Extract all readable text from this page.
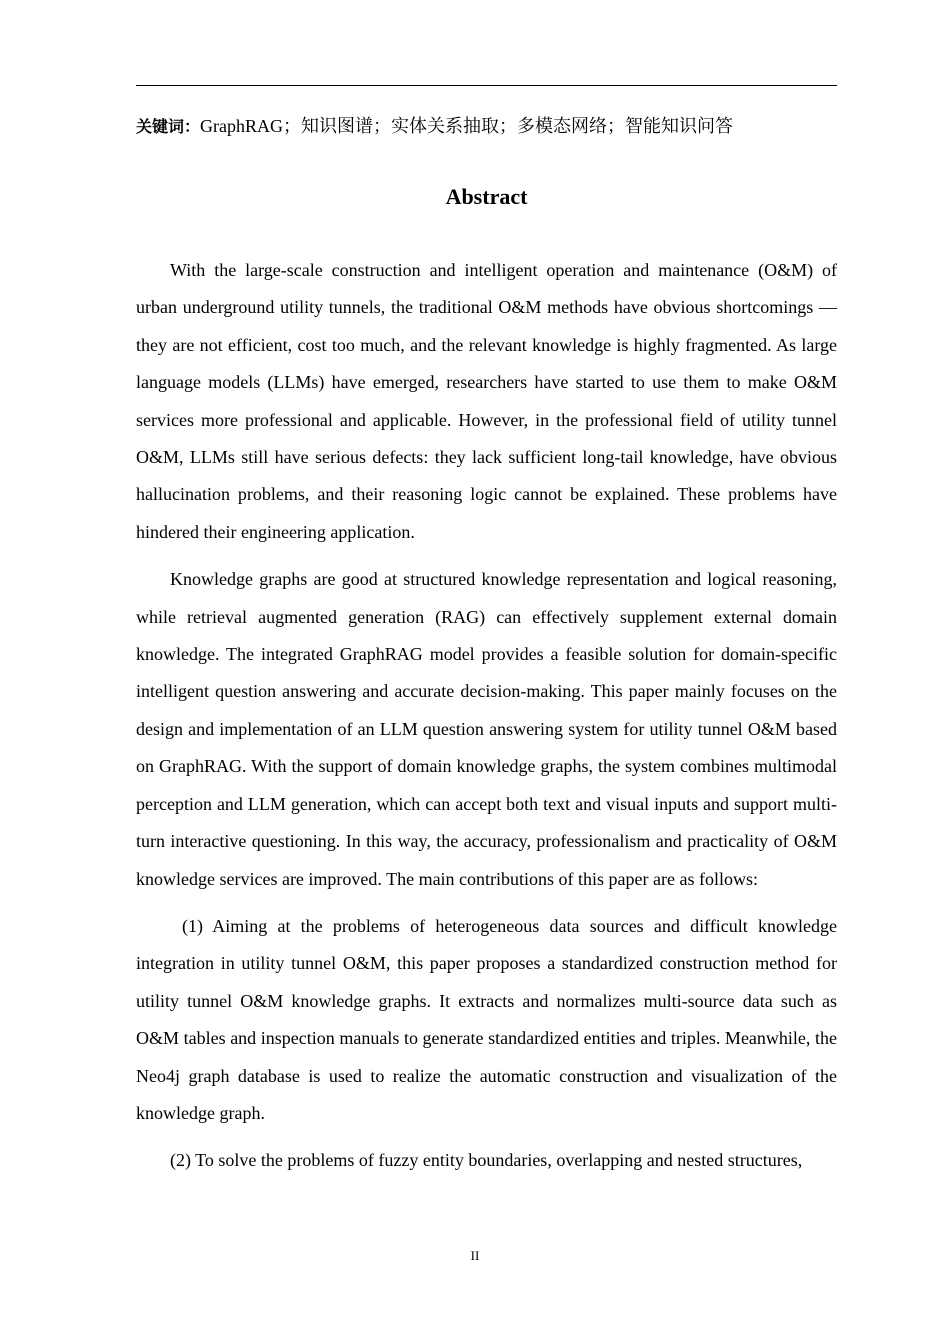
关键词：GraphRAG；知识图谱；实体关系抽取；多模态网络；智能知识问答
Abstract

With the large-scale construction and intelligent operation and maintenance (O&M) of urban underground utility tunnels, the traditional O&M methods have obvious shortcomings —they are not efficient, cost too much, and the relevant knowledge is highly fragmented. As large language models (LLMs) have emerged, researchers have started to use them to make O&M services more professional and applicable. However, in the professional field of utility tunnel O&M, LLMs still have serious defects: they lack sufficient long-tail knowledge, have obvious hallucination problems, and their reasoning logic cannot be explained. These problems have hindered their engineering application.

Knowledge graphs are good at structured knowledge representation and logical reasoning, while retrieval augmented generation (RAG) can effectively supplement external domain knowledge. The integrated GraphRAG model provides a feasible solution for domain-specific intelligent question answering and accurate decision-making. This paper mainly focuses on the design and implementation of an LLM question answering system for utility tunnel O&M based on GraphRAG. With the support of domain knowledge graphs, the system combines multimodal perception and LLM generation, which can accept both text and visual inputs and support multi-turn interactive questioning. In this way, the accuracy, professionalism and practicality of O&M knowledge services are improved. The main contributions of this paper are as follows:

(1) Aiming at the problems of heterogeneous data sources and difficult knowledge integration in utility tunnel O&M, this paper proposes a standardized construction method for utility tunnel O&M knowledge graphs. It extracts and normalizes multi-source data such as O&M tables and inspection manuals to generate standardized entities and triples. Meanwhile, the Neo4j graph database is used to realize the automatic construction and visualization of the knowledge graph.

(2) To solve the problems of fuzzy entity boundaries, overlapping and nested structures,

II
